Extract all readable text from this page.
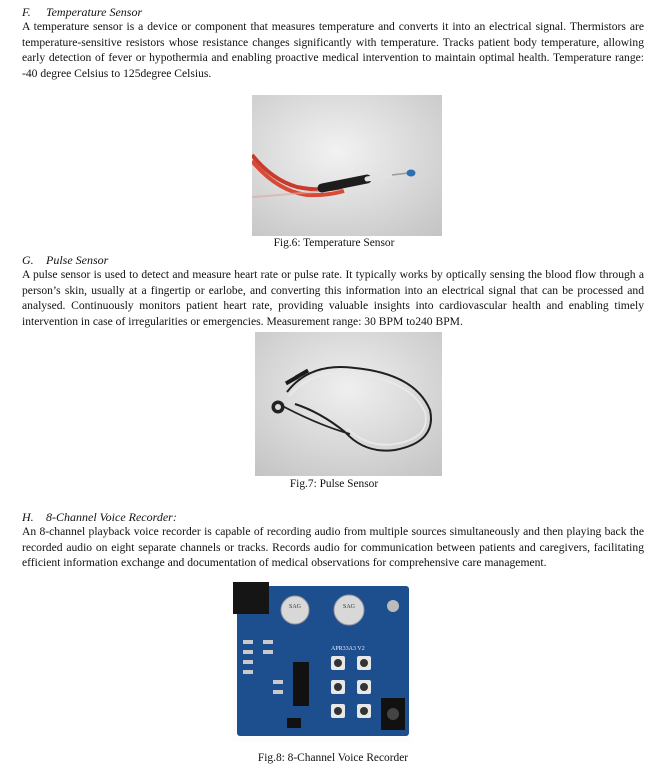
F. Temperature Sensor

A temperature sensor is a device or component that measures temperature and converts it into an electrical signal. Thermistors are temperature-sensitive resistors whose resistance changes significantly with temperature. Tracks patient body temperature, allowing early detection of fever or hypothermia and enabling proactive medical intervention to maintain optimal health. Temperature range: -40 degree Celsius to 125degree Celsius.

Fig.6: Temperature Sensor
G. Pulse Sensor

A pulse sensor is used to detect and measure heart rate or pulse rate. It typically works by optically sensing the blood flow through a person’s skin, usually at a fingertip or earlobe, and converting this information into an electrical signal that can be processed and analysed. Continuously monitors patient heart rate, providing valuable insights into cardiovascular health and enabling timely intervention in case of irregularities or emergencies. Measurement range: 30 BPM to240 BPM.

Fig.7: Pulse Sensor
H. 8-Channel Voice Recorder:

An 8-channel playback voice recorder is capable of recording audio from multiple sources simultaneously and then playing back the recorded audio on eight separate channels or tracks. Records audio for communication between patients and caregivers, facilitating efficient information exchange and documentation of medical observations for comprehensive care management.

SAG	SAG
APR33A3 V2
Fig.8: 8-Channel Voice Recorder
